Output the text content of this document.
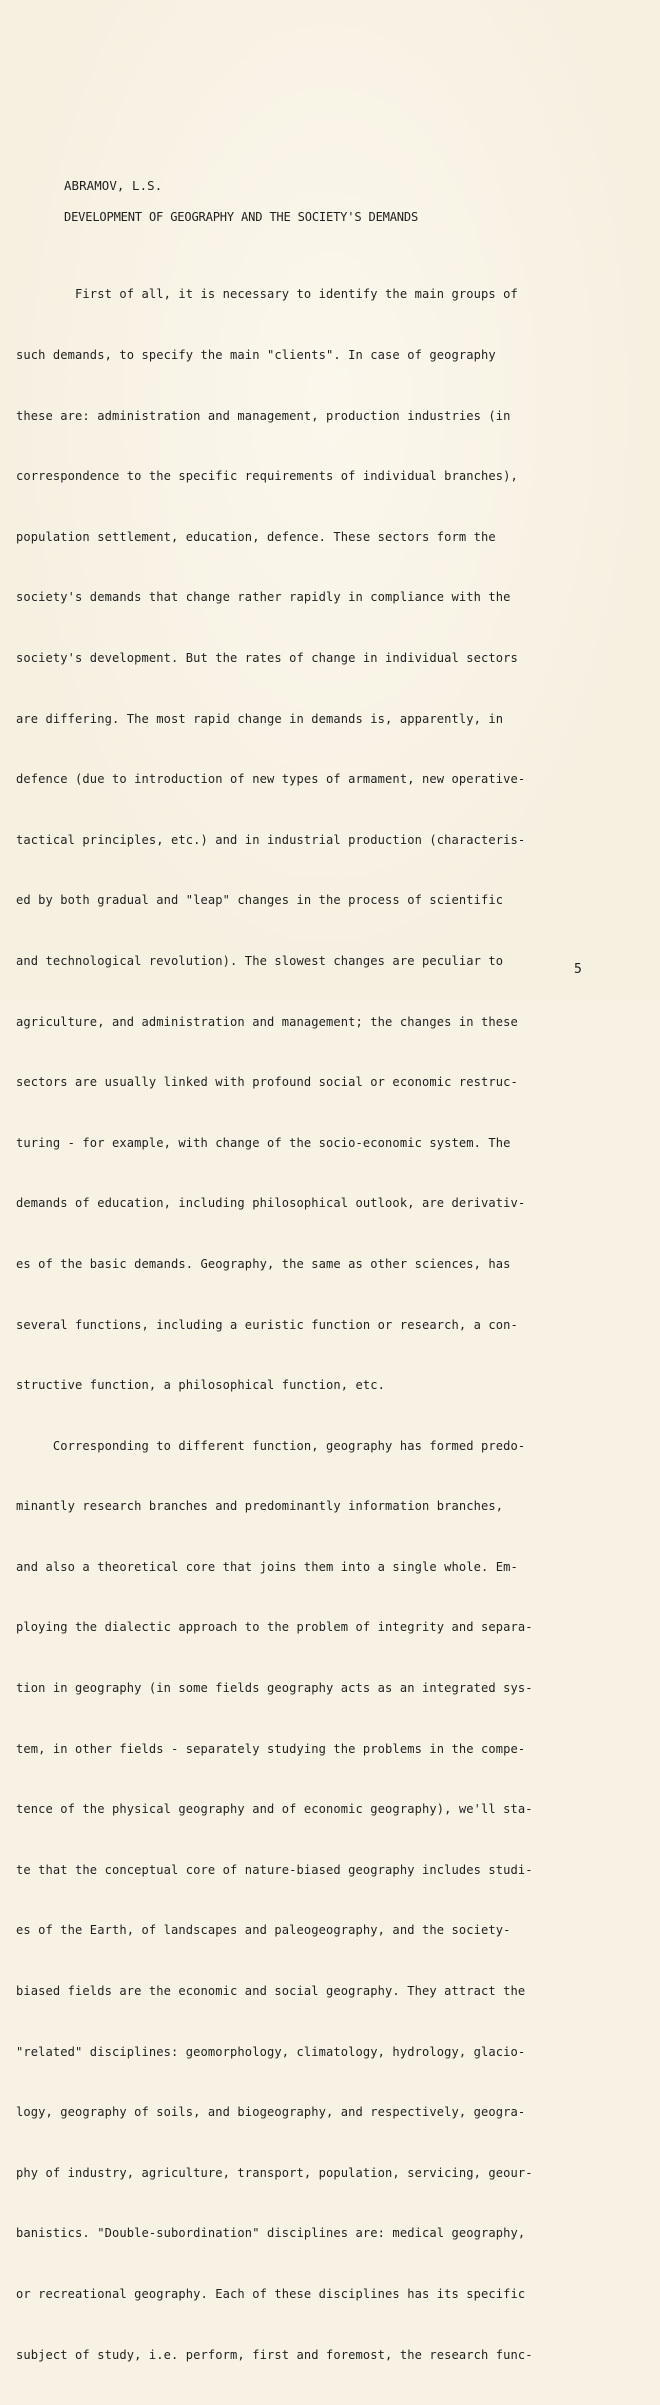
ABRAMOV, L.S.
DEVELOPMENT OF GEOGRAPHY AND THE SOCIETY'S DEMANDS

First of all, it is necessary to identify the main groups of

such demands, to specify the main "clients". In case of geography

these are: administration and management, production industries (in

correspondence to the specific requirements of individual branches),

population settlement, education, defence. These sectors form the

society's demands that change rather rapidly in compliance with the

society's development. But the rates of change in individual sectors

are differing. The most rapid change in demands is, apparently, in

defence (due to introduction of new types of armament, new operative-

tactical principles, etc.) and in industrial production (characteris-

ed by both gradual and "leap" changes in the process of scientific

and technological revolution). The slowest changes are peculiar to

agriculture, and administration and management; the changes in these

sectors are usually linked with profound social or economic restruc-

turing - for example, with change of the socio-economic system. The

demands of education, including philosophical outlook, are derivativ-

es of the basic demands. Geography, the same as other sciences, has

several functions, including a euristic function or research, a con-

structive function, a philosophical function, etc.

Corresponding to different function, geography has formed predo-

minantly research branches and predominantly information branches,

and also a theoretical core that joins them into a single whole. Em-

ploying the dialectic approach to the problem of integrity and separa-

tion in geography (in some fields geography acts as an integrated sys-

tem, in other fields - separately studying the problems in the compe-

tence of the physical geography and of economic geography), we'll sta-

te that the conceptual core of nature-biased geography includes studi-

es of the Earth, of landscapes and paleogeography, and the society-

biased fields are the economic and social geography. They attract the

"related" disciplines: geomorphology, climatology, hydrology, glacio-

logy, geography of soils, and biogeography, and respectively, geogra-

phy of industry, agriculture, transport, population, servicing, geour-

banistics. "Double-subordination" disciplines are: medical geography,

or recreational geography. Each of these disciplines has its specific

subject of study, i.e. perform, first and foremost, the research func-

5
